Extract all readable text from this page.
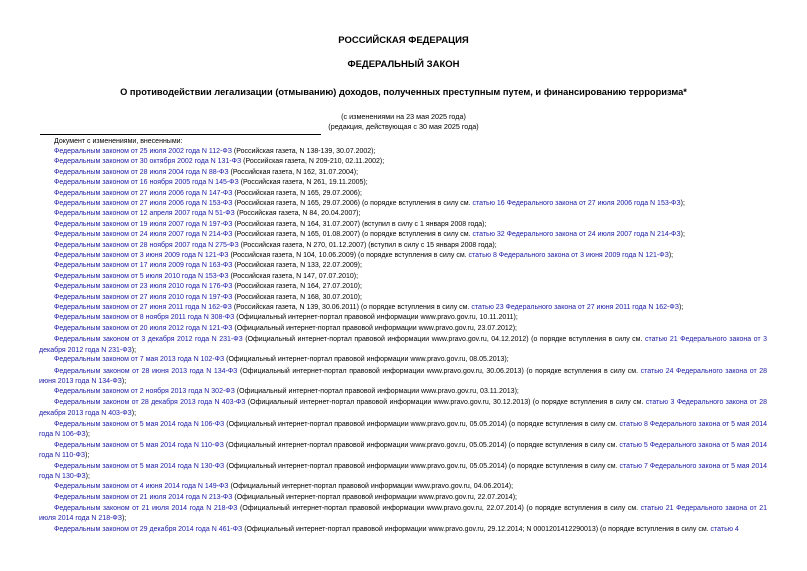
РОССИЙСКАЯ ФЕДЕРАЦИЯ
ФЕДЕРАЛЬНЫЙ ЗАКОН
О противодействии легализации (отмыванию) доходов, полученных преступным путем, и финансированию терроризма*
(с изменениями на 23 мая 2025 года)
(редакция, действующая с 30 мая 2025 года)
Документ с изменениями, внесенными:
Федеральным законом от 25 июля 2002 года N 112-ФЗ (Российская газета, N 138-139, 30.07.2002);
Федеральным законом от 30 октября 2002 года N 131-ФЗ (Российская газета, N 209-210, 02.11.2002);
Федеральным законом от 28 июля 2004 года N 88-ФЗ (Российская газета, N 162, 31.07.2004);
Федеральным законом от 16 ноября 2005 года N 145-ФЗ (Российская газета, N 261, 19.11.2005);
Федеральным законом от 27 июля 2006 года N 147-ФЗ (Российская газета, N 165, 29.07.2006);
Федеральным законом от 27 июля 2006 года N 153-ФЗ (Российская газета, N 165, 29.07.2006) (о порядке вступления в силу см. статью 16 Федерального закона от 27 июля 2006 года N 153-ФЗ);
Федеральным законом от 12 апреля 2007 года N 51-ФЗ (Российская газета, N 84, 20.04.2007);
Федеральным законом от 19 июля 2007 года N 197-ФЗ (Российская газета, N 164, 31.07.2007) (вступил в силу с 1 января 2008 года);
Федеральным законом от 24 июля 2007 года N 214-ФЗ (Российская газета, N 165, 01.08.2007) (о порядке вступления в силу см. статью 32 Федерального закона от 24 июля 2007 года N 214-ФЗ);
Федеральным законом от 28 ноября 2007 года N 275-ФЗ (Российская газета, N 270, 01.12.2007) (вступил в силу с 15 января 2008 года);
Федеральным законом от 3 июня 2009 года N 121-ФЗ (Российская газета, N 104, 10.06.2009) (о порядке вступления в силу см. статью 8 Федерального закона от 3 июня 2009 года N 121-ФЗ);
Федеральным законом от 17 июля 2009 года N 163-ФЗ (Российская газета, N 133, 22.07.2009);
Федеральным законом от 5 июля 2010 года N 153-ФЗ (Российская газета, N 147, 07.07.2010);
Федеральным законом от 23 июля 2010 года N 176-ФЗ (Российская газета, N 164, 27.07.2010);
Федеральным законом от 27 июля 2010 года N 197-ФЗ (Российская газета, N 168, 30.07.2010);
Федеральным законом от 27 июня 2011 года N 162-ФЗ (Российская газета, N 139, 30.06.2011) (о порядке вступления в силу см. статью 23 Федерального закона от 27 июня 2011 года N 162-ФЗ);
Федеральным законом от 8 ноября 2011 года N 308-ФЗ (Официальный интернет-портал правовой информации www.pravo.gov.ru, 10.11.2011);
Федеральным законом от 20 июля 2012 года N 121-ФЗ (Официальный интернет-портал правовой информации www.pravo.gov.ru, 23.07.2012);
Федеральным законом от 3 декабря 2012 года N 231-ФЗ (Официальный интернет-портал правовой информации www.pravo.gov.ru, 04.12.2012) (о порядке вступления в силу см. статью 21 Федерального закона от 3 декабря 2012 года N 231-ФЗ);
Федеральным законом от 7 мая 2013 года N 102-ФЗ (Официальный интернет-портал правовой информации www.pravo.gov.ru, 08.05.2013);
Федеральным законом от 28 июня 2013 года N 134-ФЗ (Официальный интернет-портал правовой информации www.pravo.gov.ru, 30.06.2013) (о порядке вступления в силу см. статью 24 Федерального закона от 28 июня 2013 года N 134-ФЗ);
Федеральным законом от 2 ноября 2013 года N 302-ФЗ (Официальный интернет-портал правовой информации www.pravo.gov.ru, 03.11.2013);
Федеральным законом от 28 декабря 2013 года N 403-ФЗ (Официальный интернет-портал правовой информации www.pravo.gov.ru, 30.12.2013) (о порядке вступления в силу см. статью 3 Федерального закона от 28 декабря 2013 года N 403-ФЗ);
Федеральным законом от 5 мая 2014 года N 106-ФЗ (Официальный интернет-портал правовой информации www.pravo.gov.ru, 05.05.2014) (о порядке вступления в силу см. статью 8 Федерального закона от 5 мая 2014 года N 106-ФЗ);
Федеральным законом от 5 мая 2014 года N 110-ФЗ (Официальный интернет-портал правовой информации www.pravo.gov.ru, 05.05.2014) (о порядке вступления в силу см. статью 5 Федерального закона от 5 мая 2014 года N 110-ФЗ);
Федеральным законом от 5 мая 2014 года N 130-ФЗ (Официальный интернет-портал правовой информации www.pravo.gov.ru, 05.05.2014) (о порядке вступления в силу см. статью 7 Федерального закона от 5 мая 2014 года N 130-ФЗ);
Федеральным законом от 4 июня 2014 года N 149-ФЗ (Официальный интернет-портал правовой информации www.pravo.gov.ru, 04.06.2014);
Федеральным законом от 21 июля 2014 года N 213-ФЗ (Официальный интернет-портал правовой информации www.pravo.gov.ru, 22.07.2014);
Федеральным законом от 21 июля 2014 года N 218-ФЗ (Официальный интернет-портал правовой информации www.pravo.gov.ru, 22.07.2014) (о порядке вступления в силу см. статью 21 Федерального закона от 21 июля 2014 года N 218-ФЗ);
Федеральным законом от 29 декабря 2014 года N 461-ФЗ (Официальный интернет-портал правовой информации www.pravo.gov.ru, 29.12.2014; N 0001201412290013) (о порядке вступления в силу см. статью 4
